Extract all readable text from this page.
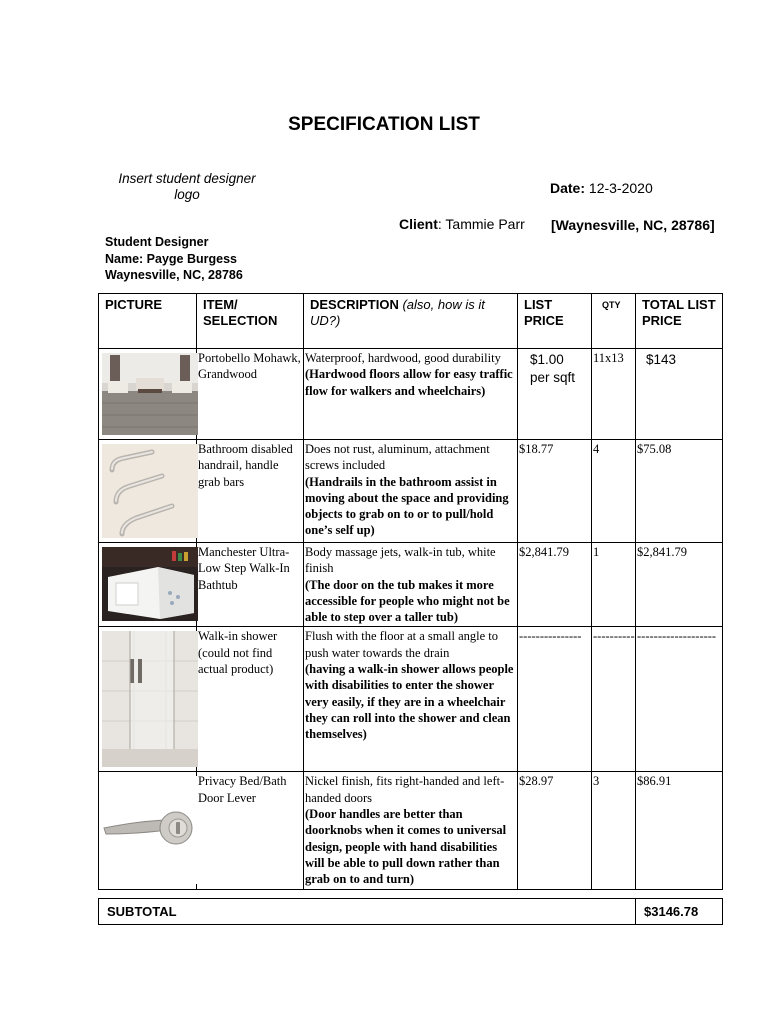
SPECIFICATION LIST
Insert student designer logo	Date: 12-3-2020
Client: Tammie Parr [Waynesville, NC, 28786]
Student Designer
Name: Payge Burgess
Waynesville, NC, 28786
PICTURE	ITEM/ SELECTION	DESCRIPTION (also, how is it UD?)	LIST PRICE	QTY	TOTAL LIST PRICE

	Portobello Mohawk, Grandwood	Waterproof, hardwood, good durability
(Hardwood floors allow for easy traffic flow for walkers and wheelchairs)	$1.00 per sqft	11x13	$143

	Bathroom disabled handrail, handle grab bars	Does not rust, aluminum, attachment screws included
(Handrails in the bathroom assist in moving about the space and providing objects to grab on to or to pull/hold one’s self up)	$18.77	4	$75.08

	Manchester Ultra-Low Step Walk-In Bathtub	Body massage jets, walk-in tub, white finish
(The door on the tub makes it more accessible for people who might not be able to step over a taller tub)	$2,841.79	1	$2,841.79

	Walk-in shower (could not find actual product)	Flush with the floor at a small angle to push water towards the drain
(having a walk-in shower allows people with disabilities to enter the shower very easily, if they are in a wheelchair they can roll into the shower and clean themselves)	---------------	----------	-------------------

	Privacy Bed/Bath Door Lever	Nickel finish, fits right-handed and left-handed doors
(Door handles are better than doorknobs when it comes to universal design, people with hand disabilities will be able to pull down rather than grab on to and turn)	$28.97	3	$86.91
SUBTOTAL	$3146.78
